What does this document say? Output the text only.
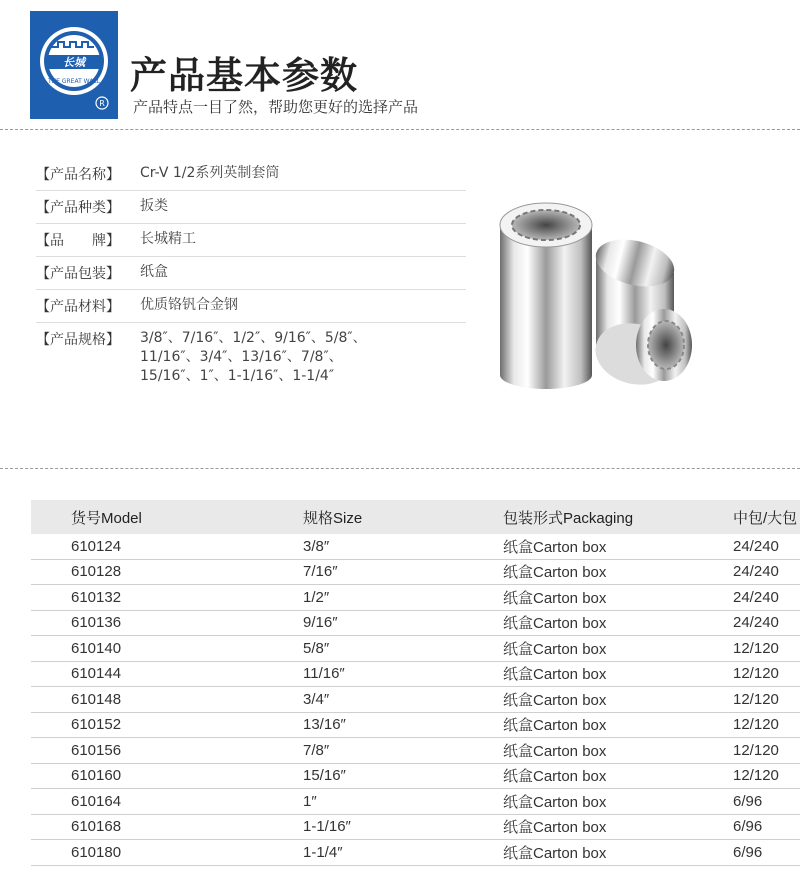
长城
THE GREAT WALL
R
产品基本参数
产品特点一目了然，帮助您更好的选择产品
【产品名称】 Cr-V 1/2系列英制套筒
【产品种类】 扳类
【品　　牌】 长城精工
【产品包装】 纸盒
【产品材料】 优质铬钒合金钢
【产品规格】 3/8″、7/16″、1/2″、9/16″、5/8″、11/16″、3/4″、13/16″、7/8″、15/16″、1″、1-1/16″、1-1/4″
货号Model	规格Size	包装形式Packaging	中包/大包
610124	3/8″	纸盒Carton box	24/240
610128	7/16″	纸盒Carton box	24/240
610132	1/2″	纸盒Carton box	24/240
610136	9/16″	纸盒Carton box	24/240
610140	5/8″	纸盒Carton box	12/120
610144	11/16″	纸盒Carton box	12/120
610148	3/4″	纸盒Carton box	12/120
610152	13/16″	纸盒Carton box	12/120
610156	7/8″	纸盒Carton box	12/120
610160	15/16″	纸盒Carton box	12/120
610164	1″	纸盒Carton box	6/96
610168	1-1/16″	纸盒Carton box	6/96
610180	1-1/4″	纸盒Carton box	6/96
